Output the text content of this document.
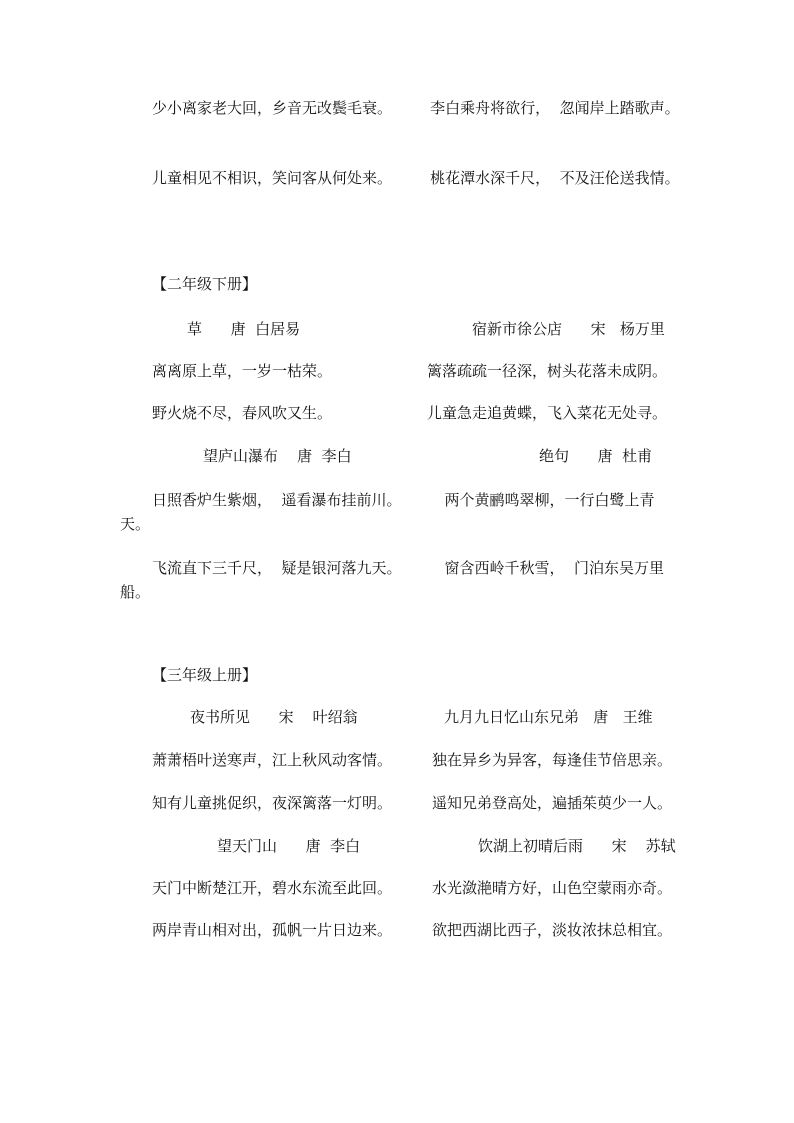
少小离家老大回，乡音无改鬓毛衰。        李白乘舟将欲行，  忽闻岸上踏歌声。
儿童相见不相识，笑问客从何处来。        桃花潭水深千尺，  不及汪伦送我情。
【二年级下册】
草      唐  白居易	宿新市徐公店      宋   杨万里
离离原上草，一岁一枯荣。	篱落疏疏一径深，树头花落未成阴。
野火烧不尽，春风吹又生。	儿童急走追黄蝶，飞入菜花无处寻。
望庐山瀑布    唐  李白	绝句      唐  杜甫
日照香炉生紫烟，  遥看瀑布挂前川。         两个黄鹂鸣翠柳，一行白鹭上青天。
飞流直下三千尺，  疑是银河落九天。         窗含西岭千秋雪，  门泊东吴万里船。
【三年级上册】
夜书所见      宋    叶绍翁	九月九日忆山东兄弟   唐   王维
萧萧梧叶送寒声，江上秋风动客情。	独在异乡为异客，每逢佳节倍思亲。
知有儿童挑促织，夜深篱落一灯明。	遥知兄弟登高处，遍插茱萸少一人。
望天门山      唐  李白	饮湖上初晴后雨      宋    苏轼
天门中断楚江开，碧水东流至此回。	水光潋滟晴方好，山色空蒙雨亦奇。
两岸青山相对出，孤帆一片日边来。	欲把西湖比西子，淡妆浓抹总相宜。
